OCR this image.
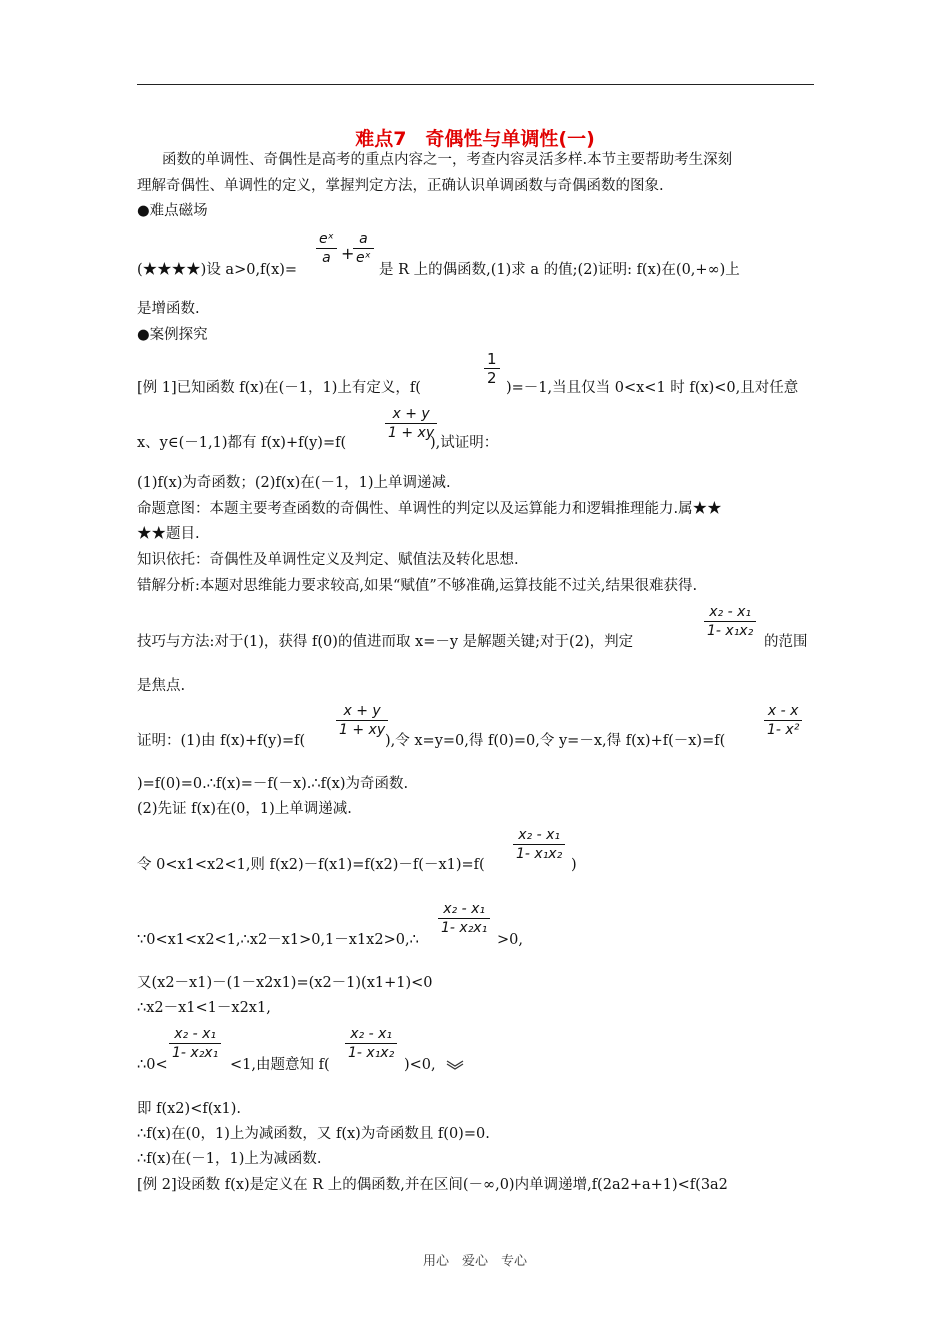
难点7　奇偶性与单调性(一)
函数的单调性、奇偶性是高考的重点内容之一，考查内容灵活多样.本节主要帮助考生深刻
理解奇偶性、单调性的定义，掌握判定方法，正确认识单调函数与奇偶函数的图象.
●难点磁场
eˣ
a +
a
eˣ
(★★★★)设 a>0,f(x)=	是 R 上的偶函数,(1)求 a 的值;(2)证明: f(x)在(0,+∞)上
是增函数.
●案例探究
1
2
[例 1]已知函数 f(x)在(－1，1)上有定义，f(	)=－1,当且仅当 0<x<1 时 f(x)<0,且对任意
x + y
1 + xy
x、y∈(－1,1)都有 f(x)+f(y)=f(	),试证明：
(1)f(x)为奇函数；(2)f(x)在(－1，1)上单调递减.
命题意图：本题主要考查函数的奇偶性、单调性的判定以及运算能力和逻辑推理能力.属★★
★★题目.
知识依托：奇偶性及单调性定义及判定、赋值法及转化思想.
错解分析:本题对思维能力要求较高,如果“赋值”不够准确,运算技能不过关,结果很难获得.
x₂ - x₁
1- x₁x₂
技巧与方法:对于(1)，获得 f(0)的值进而取 x=－y 是解题关键;对于(2)，判定	的范围
是焦点.
x + y
1 + xy
x - x
1- x²
证明：(1)由 f(x)+f(y)=f(	),令 x=y=0,得 f(0)=0,令 y=－x,得 f(x)+f(－x)=f(
)=f(0)=0.∴f(x)=－f(－x).∴f(x)为奇函数.
(2)先证 f(x)在(0，1)上单调递减.
x₂ - x₁
1- x₁x₂
令 0<x1<x2<1,则 f(x2)－f(x1)=f(x2)－f(－x1)=f(	)
x₂ - x₁
1- x₂x₁
∵0<x1<x2<1,∴x2－x1>0,1－x1x2>0,∴	>0,
又(x2－x1)－(1－x2x1)=(x2－1)(x1+1)<0
∴x2－x1<1－x2x1,
x₂ - x₁
1- x₂x₁
x₂ - x₁
1- x₁x₂
∴0<	<1,由题意知 f(	)<0,
即 f(x2)<f(x1).
∴f(x)在(0，1)上为减函数，又 f(x)为奇函数且 f(0)=0.
∴f(x)在(－1，1)上为减函数.
[例 2]设函数 f(x)是定义在 R 上的偶函数,并在区间(－∞,0)内单调递增,f(2a2+a+1)<f(3a2
用心　爱心　专心
